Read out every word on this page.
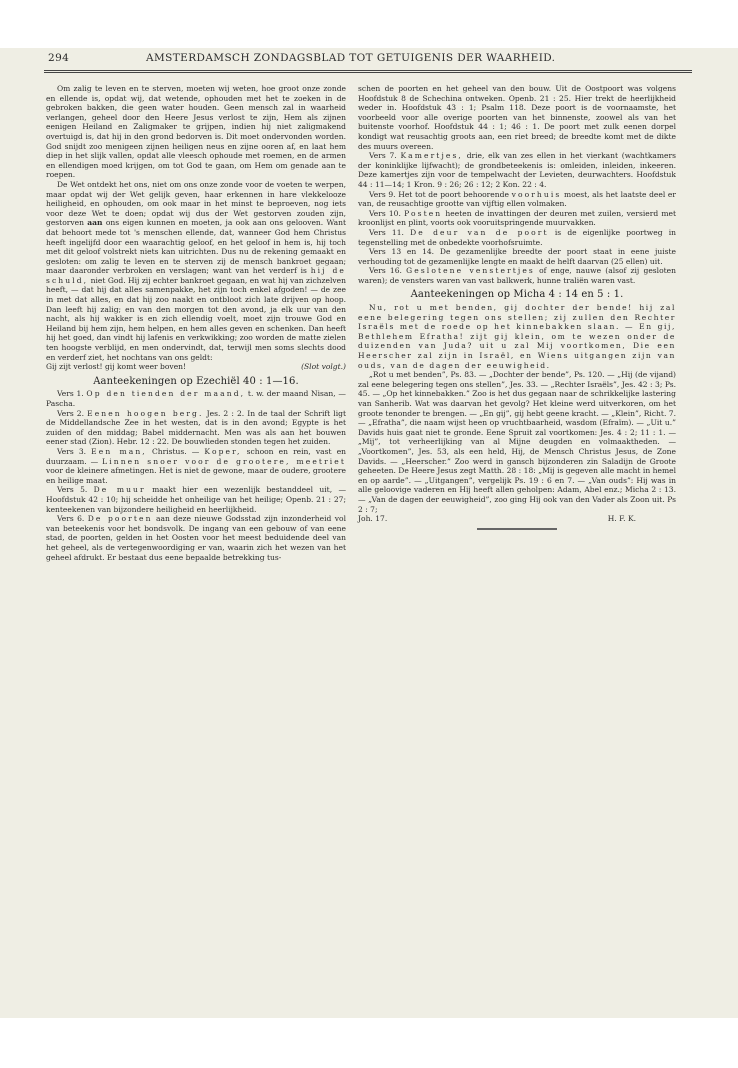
294	AMSTERDAMSCH ZONDAGSBLAD TOT GETUIGENIS DER WAARHEID.

Om zalig te leven en te sterven, moeten wij weten, hoe groot onze zonde en ellende is, opdat wij, dat wetende, ophouden met het te zoeken in de gebroken bakken, die geen water houden. Geen mensch zal in waarheid verlangen, geheel door den Heere Jesus verlost te zijn, Hem als zijnen eenigen Heiland en Zaligmaker te grijpen, indien hij niet zaligmakend overtuigd is, dat hij in den grond bedorven is. Dit moet ondervonden worden. God snijdt zoo menigeen zijnen heiligen neus en zijne ooren af, en laat hem diep in het slijk vallen, opdat alle vleesch ophoude met roemen, en de armen en ellendigen moed krijgen, om tot God te gaan, om Hem om genade aan te roepen.

De Wet ontdekt het ons, niet om ons onze zonde voor de voeten te werpen, maar opdat wij der Wet gelijk geven, haar erkennen in hare vlekkelooze heiligheid, en ophouden, om ook maar in het minst te beproeven, nog iets voor deze Wet te doen; opdat wij dus der Wet gestorven zouden zijn, gestorven aan ons eigen kunnen en moeten, ja ook aan ons gelooven. Want dat behoort mede tot 's menschen ellende, dat, wanneer God hem Christus heeft ingelijfd door een waarachtig geloof, en het geloof in hem is, hij toch met dit geloof volstrekt niets kan uitrichten. Dus nu de rekening gemaakt en gesloten: om zalig te leven en te sterven zij de mensch bankroet gegaan; maar daaronder verbroken en verslagen; want van het verderf is hij de schuld, niet God. Hij zij echter bankroet gegaan, en wat hij van zichzelven heeft, — dat hij dat alles samenpakke, het zijn toch enkel afgoden! — de zee in met dat alles, en dat hij zoo naakt en ontbloot zich late drijven op hoop. Dan leeft hij zalig; en van den morgen tot den avond, ja elk uur van den nacht, als hij wakker is en zich ellendig voelt, moet zijn trouwe God en Heiland bij hem zijn, hem helpen, en hem alles geven en schenken. Dan heeft hij het goed, dan vindt hij lafenis en verkwikking; zoo worden de matte zielen ten hoogste verblijd, en men ondervindt, dat, terwijl men soms slechts dood en verderf ziet, het nochtans van ons geldt:

Gij zijt verlost! gij komt weer boven!	(Slot volgt.)
Aanteekeningen op Ezechiël 40 : 1—16.

Vers 1. Op den tienden der maand, t. w. der maand Nisan, — Pascha.

Vers 2. Eenen hoogen berg. Jes. 2 : 2. In de taal der Schrift ligt de Middellandsche Zee in het westen, dat is in den avond; Egypte is het zuiden of den middag; Babel middernacht. Men was als aan het bouwen eener stad (Zion). Hebr. 12 : 22. De bouwlieden stonden tegen het zuiden.

Vers 3. Een man, Christus. — Koper, schoon en rein, vast en duurzaam. — Linnen snoer voor de grootere, meetriet voor de kleinere afmetingen. Het is niet de gewone, maar de oudere, grootere en heilige maat.

Vers 5. De muur maakt hier een wezenlijk bestanddeel uit, — Hoofdstuk 42 : 10; hij scheidde het onheilige van het heilige; Openb. 21 : 27; kenteekenen van bijzondere heiligheid en heerlijkheid.

Vers 6. De poorten aan deze nieuwe Godsstad zijn inzonderheid vol van beteekenis voor het bondsvolk. De ingang van een gebouw of van eene stad, de poorten, gelden in het Oosten voor het meest beduidende deel van het geheel, als de vertegenwoordiging er van, waarin zich het wezen van het geheel afdrukt. Er bestaat dus eene bepaalde betrekking tus-

schen de poorten en het geheel van den bouw. Uit de Oostpoort was volgens Hoofdstuk 8 de Schechina ontweken. Openb. 21 : 25. Hier trekt de heerlijkheid weder in. Hoofdstuk 43 : 1; Psalm 118. Deze poort is de voornaamste, het voorbeeld voor alle overige poorten van het binnenste, zoowel als van het buitenste voorhof. Hoofdstuk 44 : 1; 46 : 1. De poort met zulk eenen dorpel kondigt wat reusachtig groots aan, een riet breed; de breedte komt met de dikte des muurs overeen.

Vers 7. Kamertjes, drie, elk van zes ellen in het vierkant (wachtkamers der koninklijke lijfwacht); de grondbeteekenis is: omleiden, inleiden, inkeeren. Deze kamertjes zijn voor de tempelwacht der Levieten, deurwachters. Hoofdstuk 44 : 11—14; 1 Kron. 9 : 26; 26 : 12; 2 Kon. 22 : 4.

Vers 9. Het tot de poort behoorende voorhuis moest, als het laatste deel er van, de reusachtige grootte van vijftig ellen volmaken.

Vers 10. Posten heeten de invattingen der deuren met zuilen, versierd met kroonlijst en plint, voorts ook vooruitspringende muurvakken.

Vers 11. De deur van de poort is de eigenlijke poortweg in tegenstelling met de onbedekte voorhofsruimte.

Vers 13 en 14. De gezamenlijke breedte der poort staat in eene juiste verhouding tot de gezamenlijke lengte en maakt de helft daarvan (25 ellen) uit.

Vers 16. Geslotene venstertjes of enge, nauwe (alsof zij gesloten waren); de vensters waren van vast balkwerk, hunne traliën waren vast.

Aanteekeningen op Micha 4 : 14 en 5 : 1.

Nu, rot u met benden, gij dochter der bende! hij zal eene belegering tegen ons stellen; zij zullen den Rechter Israëls met de roede op het kinnebakken slaan. — En gij, Bethlehem Efratha! zijt gij klein, om te wezen onder de duizenden van Juda? uit u zal Mij voortkomen, Die een Heerscher zal zijn in Israël, en Wiens uitgangen zijn van ouds, van de dagen der eeuwigheid.

„Rot u met benden”, Ps. 83. — „Dochter der bende”, Ps. 120. — „Hij (de vijand) zal eene belegering tegen ons stellen”, Jes. 33. — „Rechter Israëls”, Jes. 42 : 3; Ps. 45. — „Op het kinnebakken.” Zoo is het dus gegaan naar de schrikkelijke lastering van Sanherib. Wat was daarvan het gevolg? Het kleine werd uitverkoren, om het groote tenonder te brengen. — „En gij”, gij hebt geene kracht. — „Klein”, Richt. 7. — „Efratha”, die naam wijst heen op vruchtbaarheid, wasdom (Efraïm). — „Uit u.” Davids huis gaat niet te gronde. Eene Spruit zal voortkomen: Jes. 4 : 2; 11 : 1. — „Mij”, tot verheerlijking van al Mijne deugden en volmaaktheden. — „Voortkomen”, Jes. 53, als een held, Hij, de Mensch Christus Jesus, de Zone Davids. — „Heerscher.” Zoo werd in gansch bijzonderen zin Saladijn de Groote geheeten. De Heere Jesus zegt Matth. 28 : 18: „Mij is gegeven alle macht in hemel en op aarde”. — „Uitgangen”, vergelijk Ps. 19 : 6 en 7. — „Van ouds”: Hij was in alle geloovige vaderen en Hij heeft allen geholpen: Adam, Abel enz.; Micha 2 : 13. — „Van de dagen der eeuwigheid”, zoo ging Hij ook van den Vader als Zoon uit. Ps 2 : 7;

Joh. 17.	H. F. K.
